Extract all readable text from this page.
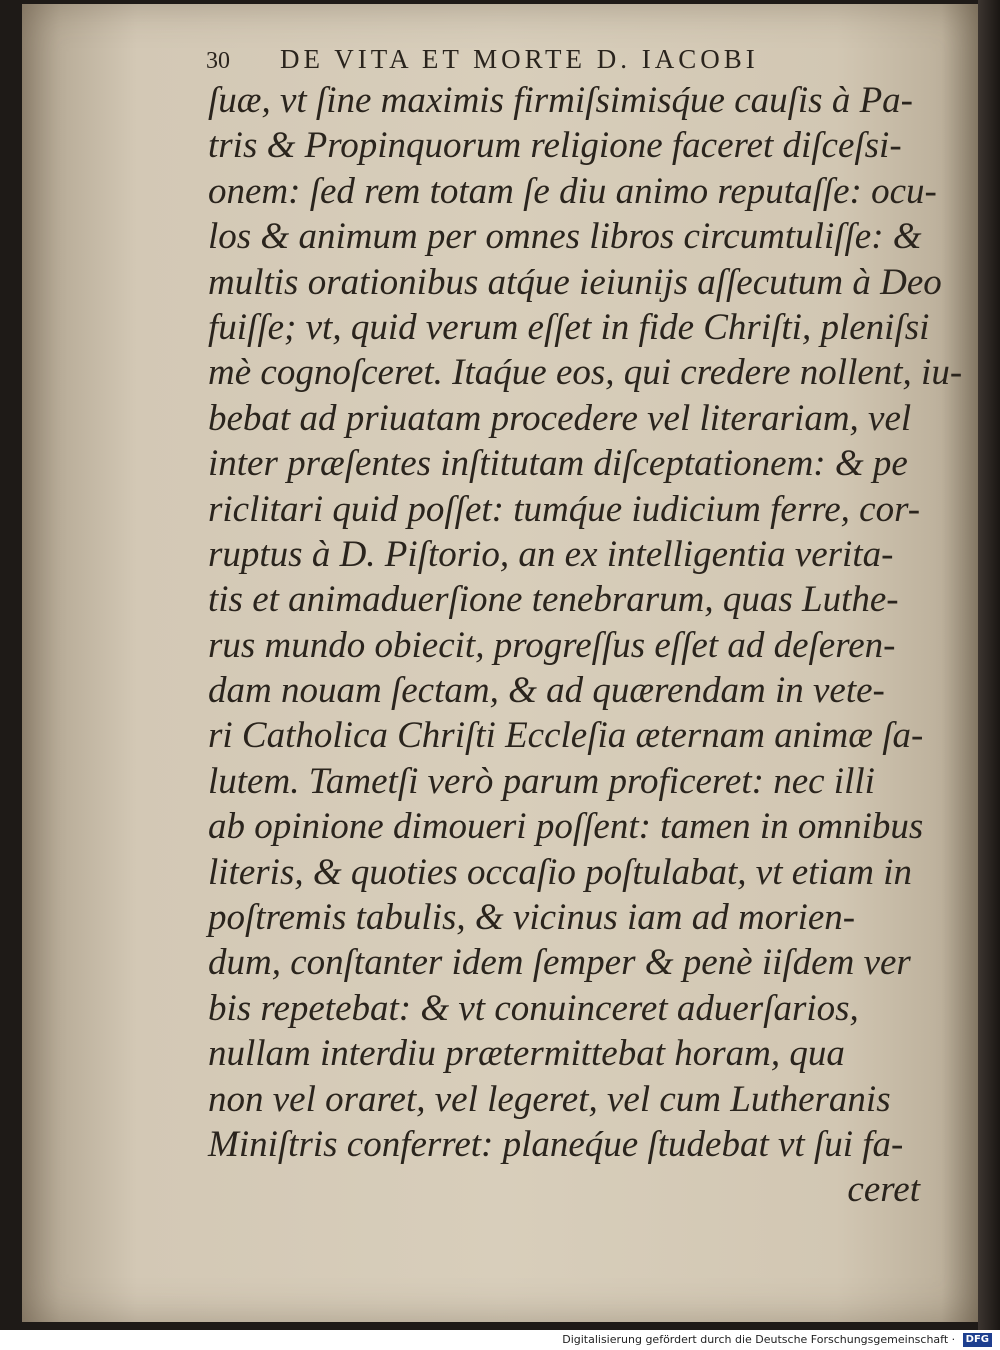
30 DE VITA ET MORTE D. IACOBI
ſuæ, vt ſine maximis firmiſsimisq́ue cauſis à Pa-
tris & Propinquorum religione faceret diſceſsi-
onem: ſed rem totam ſe diu animo reputaſſe: ocu-
los & animum per omnes libros circumtuliſſe: &
multis orationibus atq́ue ieiunijs aſſecutum à Deo
fuiſſe; vt, quid verum eſſet in fide Chriſti, pleniſsi
mè cognoſceret. Itaq́ue eos, qui credere nollent, iu-
bebat ad priuatam procedere vel literariam, vel
inter præſentes inſtitutam diſceptationem: & pe
riclitari quid poſſet: tumq́ue iudicium ferre, cor-
ruptus à D. Piſtorio, an ex intelligentia verita-
tis et animaduerſione tenebrarum, quas Luthe-
rus mundo obiecit, progreſſus eſſet ad deſeren-
dam nouam ſectam, & ad quærendam in vete-
ri Catholica Chriſti Eccleſia æternam animæ ſa-
lutem. Tametſi verò parum proficeret: nec illi
ab opinione dimoueri poſſent: tamen in omnibus
literis, & quoties occaſio poſtulabat, vt etiam in
poſtremis tabulis, & vicinus iam ad morien-
dum, conſtanter idem ſemper & penè iiſdem ver
bis repetebat: & vt conuinceret aduerſarios,
nullam interdiu prætermittebat horam, qua
non vel oraret, vel legeret, vel cum Lutheranis
Miniſtris conferret: planeq́ue ſtudebat vt ſui fa-
ceret
Digitalisierung gefördert durch die Deutsche Forschungsgemeinschaft · DFG
